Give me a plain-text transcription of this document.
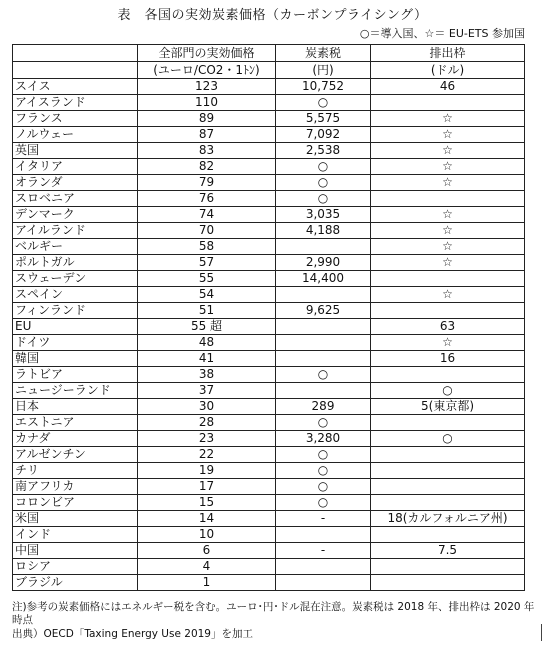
表　各国の実効炭素価格（カーボンプライシング）
○＝導入国、☆＝ EU-ETS 参加国
	全部門の実効価格	炭素税	排出枠
	(ユーロ/CO2・1ﾄﾝ)	(円)	(ドル)
スイス	123	10,752	46
アイスランド	110	○	
フランス	89	5,575	☆
ノルウェー	87	7,092	☆
英国	83	2,538	☆
イタリア	82	○	☆
オランダ	79	○	☆
スロベニア	76	○	
デンマーク	74	3,035	☆
アイルランド	70	4,188	☆
ベルギー	58		☆
ポルトガル	57	2,990	☆
スウェーデン	55	14,400	
スペイン	54		☆
フィンランド	51	9,625	
EU	55 超		63
ドイツ	48		☆
韓国	41		16
ラトビア	38	○	
ニュージーランド	37		○
日本	30	289	5(東京都)
エストニア	28	○	
カナダ	23	3,280	○
アルゼンチン	22	○	
チリ	19	○	
南アフリカ	17	○	
コロンビア	15	○	
米国	14	-	18(カルフォルニア州)
インド	10		
中国	6	-	7.5
ロシア	4		
ブラジル	1		
注)参考の炭素価格にはエネルギー税を含む。ユーロ･円･ドル混在注意。炭素税は 2018 年、排出枠は 2020 年時点
出典）OECD「Taxing Energy Use 2019」を加工
